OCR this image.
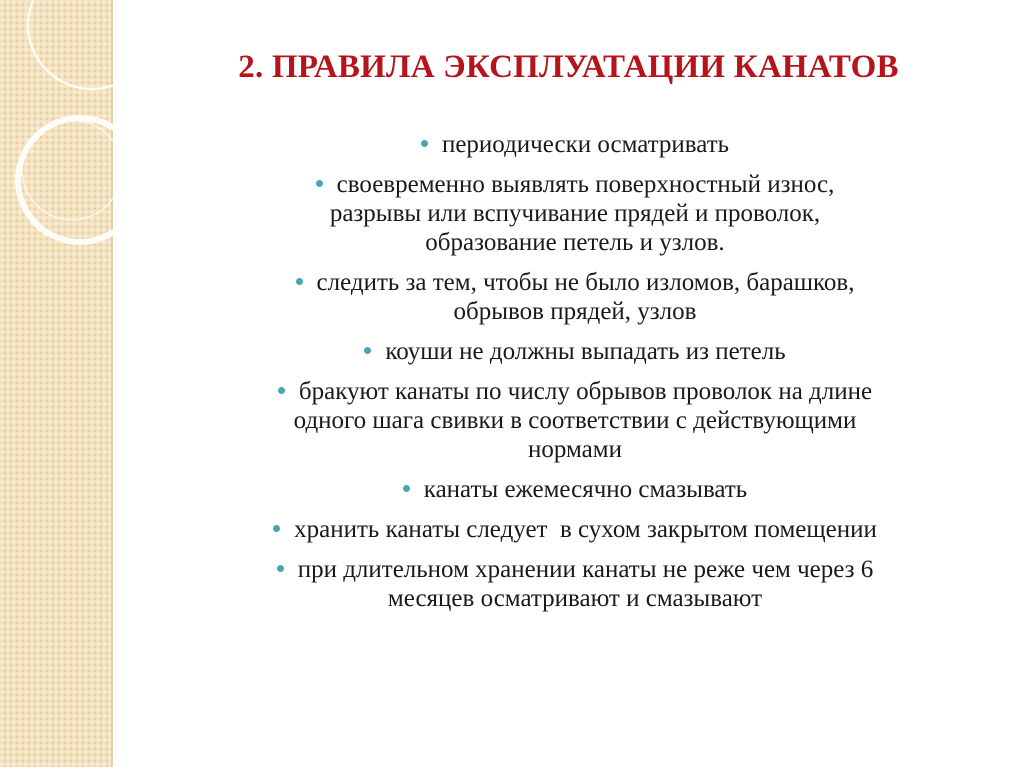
2. ПРАВИЛА ЭКСПЛУАТАЦИИ КАНАТОВ
периодически осматривать
своевременно выявлять поверхностный износ,
разрывы или вспучивание прядей и проволок,
образование петель и узлов.
следить за тем, чтобы не было изломов, барашков,
обрывов прядей, узлов
коуши не должны выпадать из петель
бракуют канаты по числу обрывов проволок на длине
одного шага свивки в соответствии с действующими
нормами
канаты ежемесячно смазывать
хранить канаты следует  в сухом закрытом помещении
при длительном хранении канаты не реже чем через 6
месяцев осматривают и смазывают
